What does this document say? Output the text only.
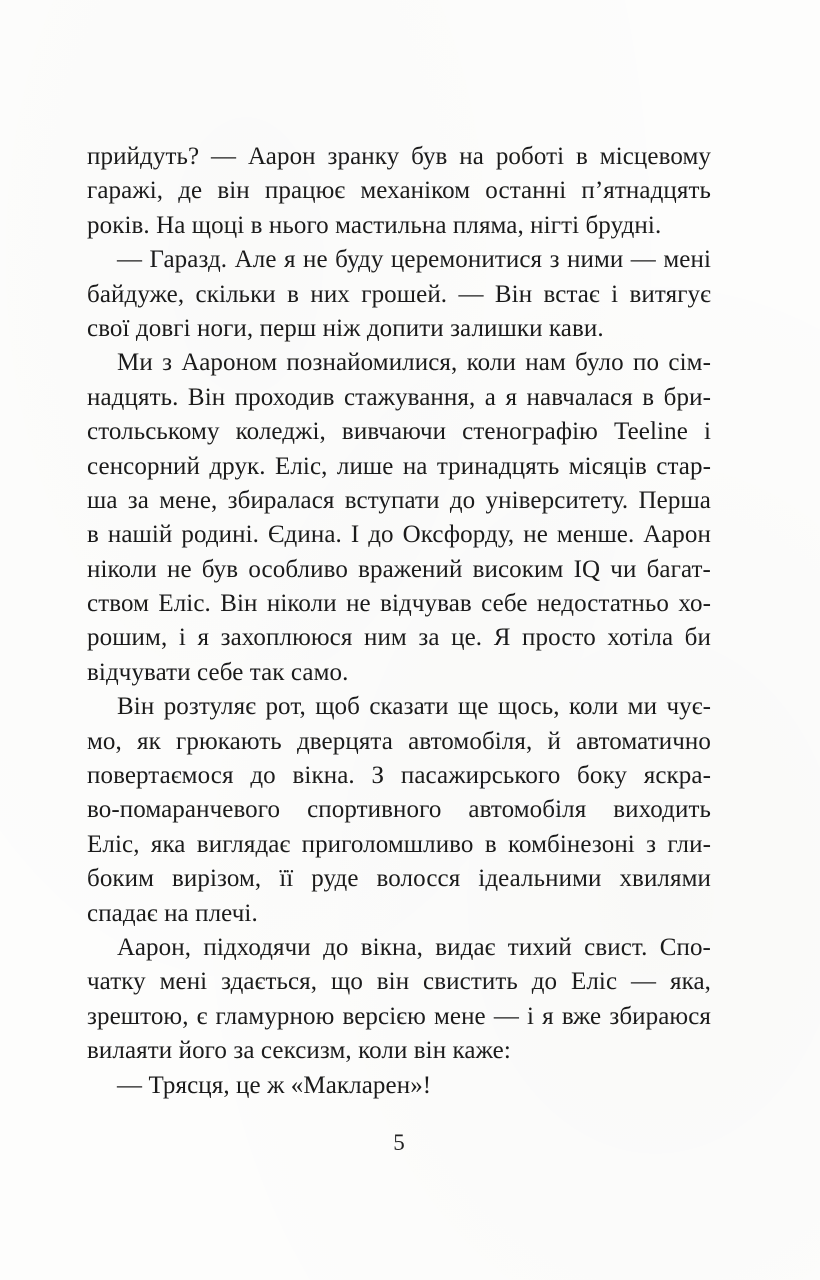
прийдуть? — Аарон зранку був на роботі в місцевому
гаражі, де він працює механіком останні п’ятнадцять
років. На щоці в нього мастильна пляма, нігті брудні.
— Гаразд. Але я не буду церемонитися з ними — мені
байдуже, скільки в них грошей. — Він встає і витягує
свої довгі ноги, перш ніж допити залишки кави.
Ми з Аароном познайомилися, коли нам було по сім-
надцять. Він проходив стажування, а я навчалася в бри-
стольському коледжі, вивчаючи стенографію Teeline і
сенсорний друк. Еліс, лише на тринадцять місяців стар-
ша за мене, збиралася вступати до університету. Перша
в нашій родині. Єдина. І до Оксфорду, не менше. Аарон
ніколи не був особливо вражений високим IQ чи багат-
ством Еліс. Він ніколи не відчував себе недостатньо хо-
рошим, і я захоплююся ним за це. Я просто хотіла би
відчувати себе так само.
Він розтуляє рот, щоб сказати ще щось, коли ми чує-
мо, як грюкають дверцята автомобіля, й автоматично
повертаємося до вікна. З пасажирського боку яскра-
во-помаранчевого спортивного автомобіля виходить
Еліс, яка виглядає приголомшливо в комбінезоні з гли-
боким вирізом, її руде волосся ідеальними хвилями
спадає на плечі.
Аарон, підходячи до вікна, видає тихий свист. Спо-
чатку мені здається, що він свистить до Еліс — яка,
зрештою, є гламурною версією мене — і я вже збираюся
вилаяти його за сексизм, коли він каже:
— Трясця, це ж «Макларен»!
5
